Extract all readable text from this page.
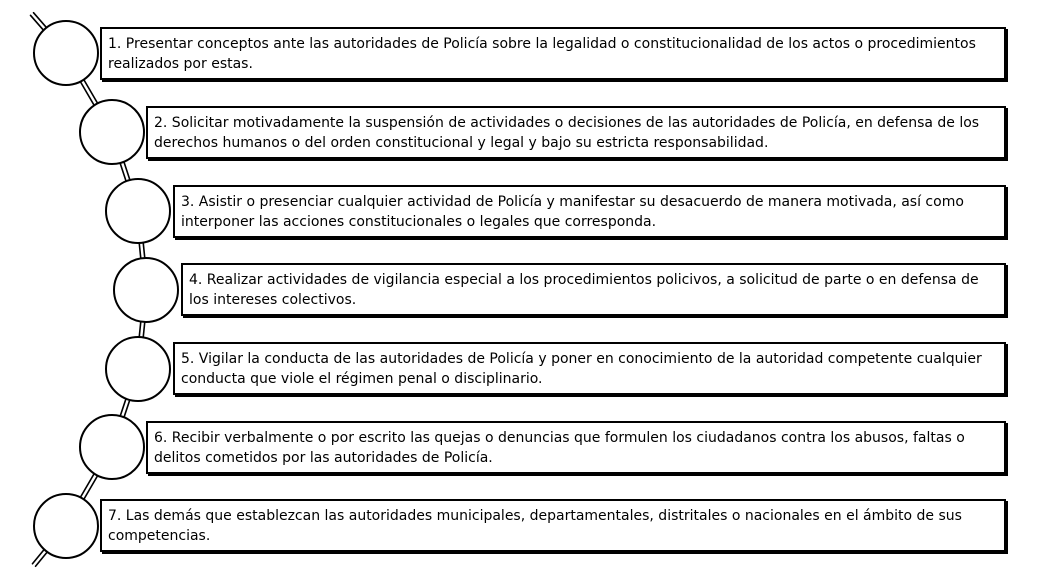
1. Presentar conceptos ante las autoridades de Policía sobre la legalidad o constitucionalidad de los actos o procedimientos realizados por estas.
2. Solicitar motivadamente la suspensión de actividades o decisiones de las autoridades de Policía, en defensa de los derechos humanos o del orden constitucional y legal y bajo su estricta responsabilidad.
3. Asistir o presenciar cualquier actividad de Policía y manifestar su desacuerdo de manera motivada, así como interponer las acciones constitucionales o legales que corresponda.
4. Realizar actividades de vigilancia especial a los procedimientos policivos, a solicitud de parte o en defensa de los intereses colectivos.
5. Vigilar la conducta de las autoridades de Policía y poner en conocimiento de la autoridad competente cualquier conducta que viole el régimen penal o disciplinario.
6. Recibir verbalmente o por escrito las quejas o denuncias que formulen los ciudadanos contra los abusos, faltas o delitos cometidos por las autoridades de Policía.
7. Las demás que establezcan las autoridades municipales, departamentales, distritales o nacionales en el ámbito de sus competencias.
